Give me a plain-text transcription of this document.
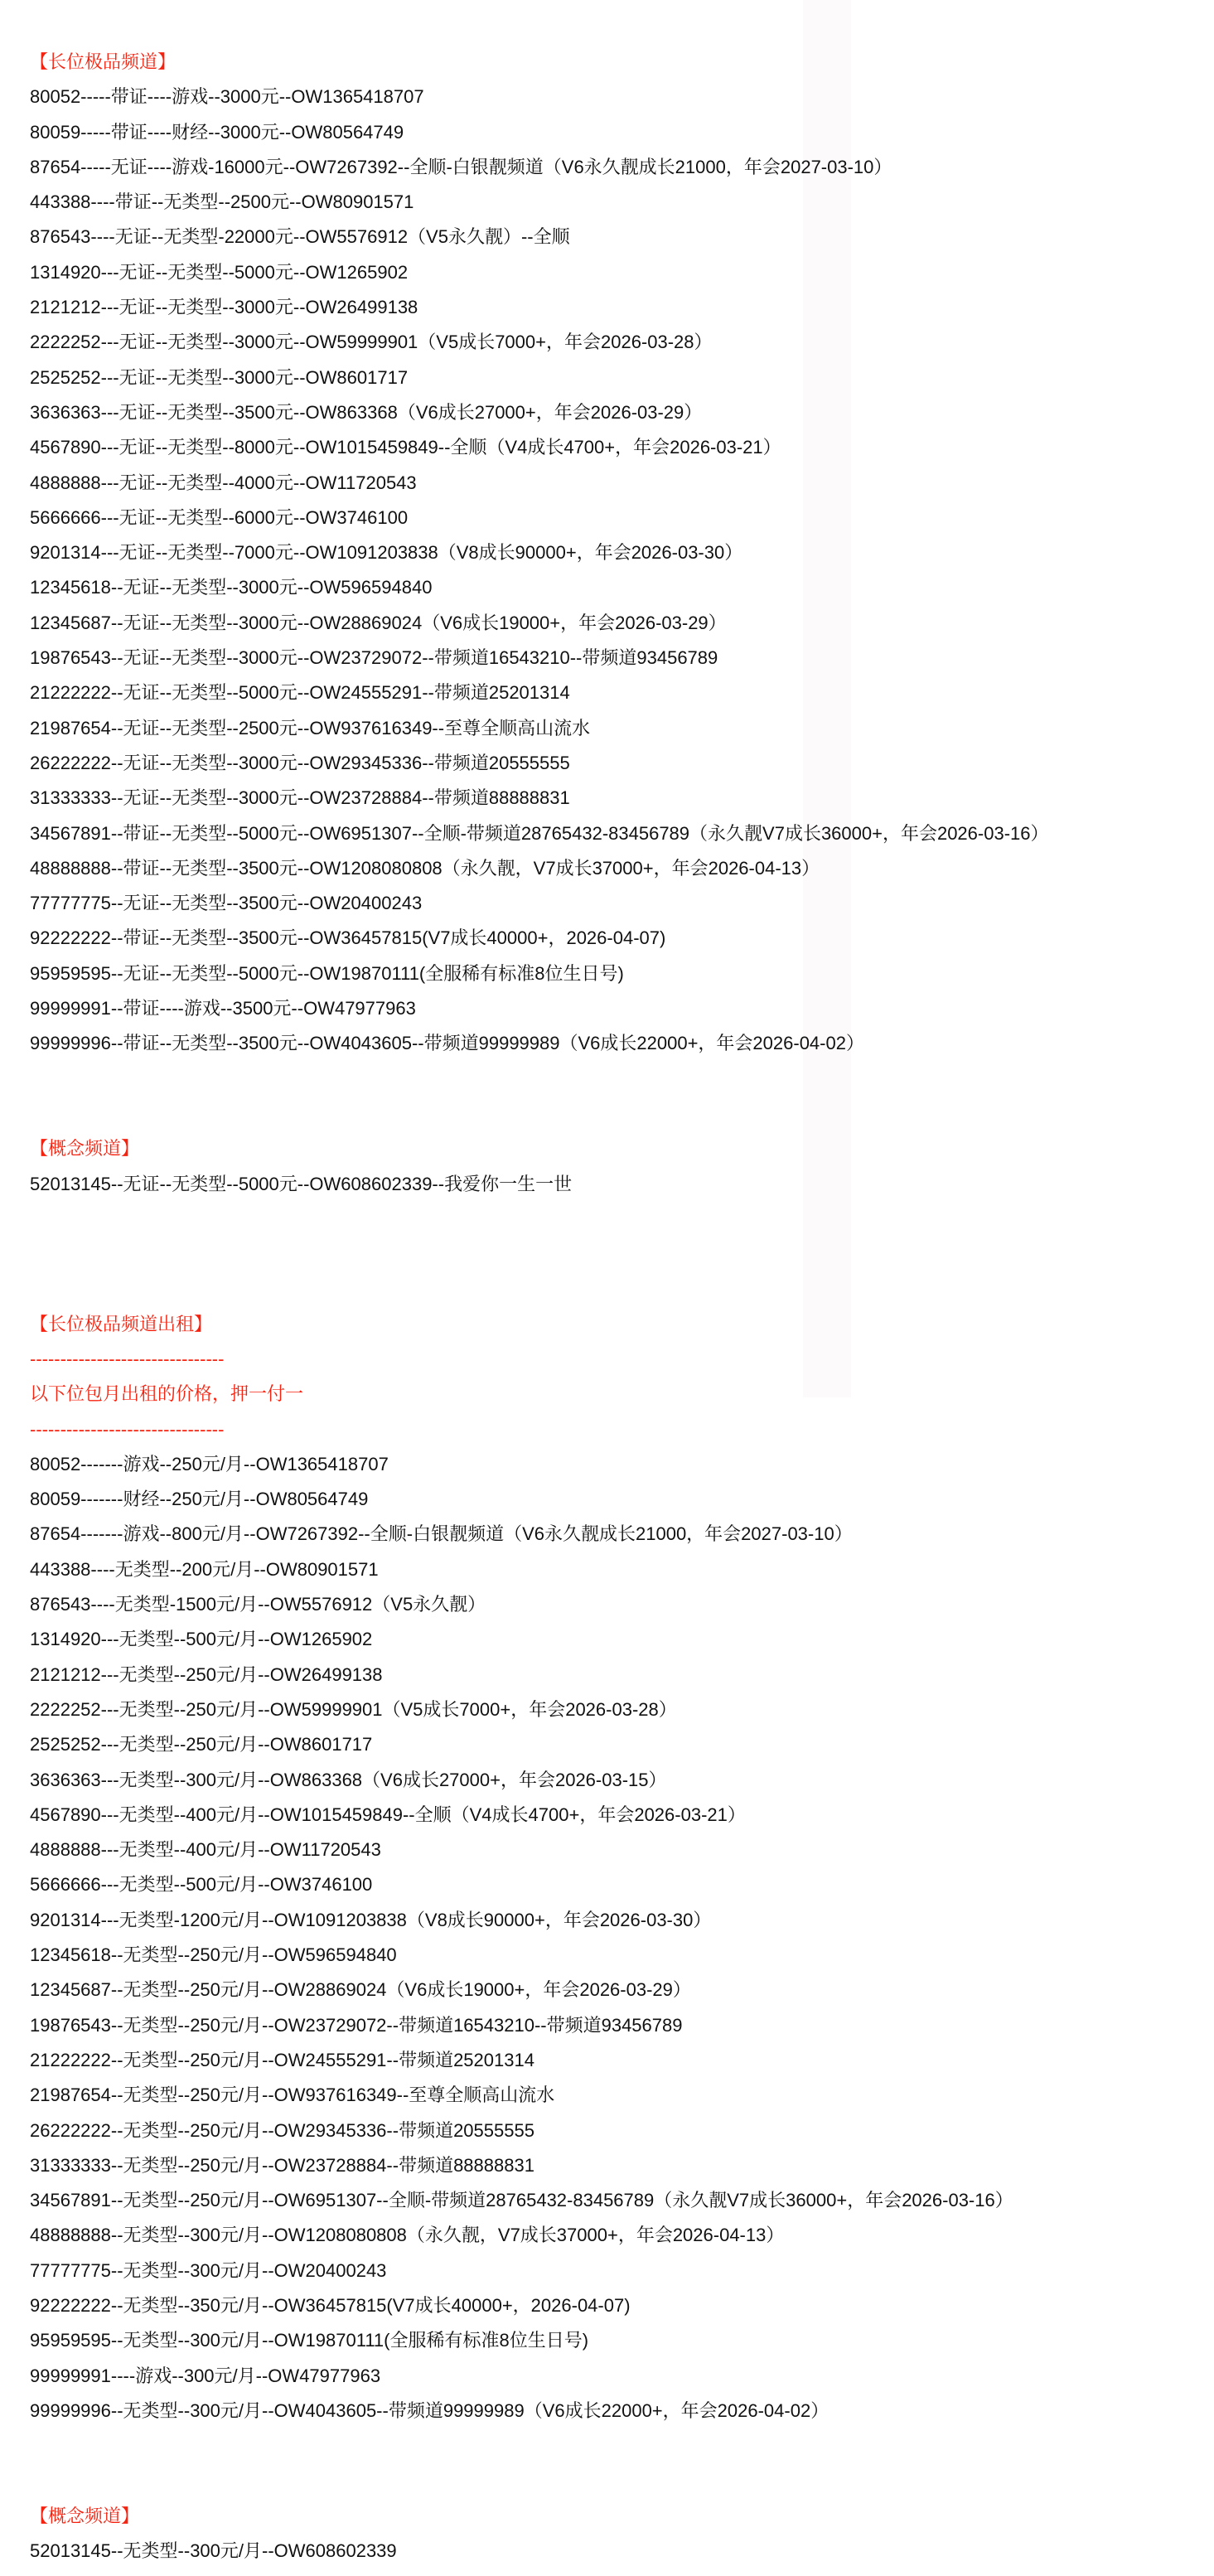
【长位极品频道】
80052-----带证----游戏--3000元--OW1365418707
80059-----带证----财经--3000元--OW80564749
87654-----无证----游戏-16000元--OW7267392--全顺-白银靓频道（V6永久靓成长21000，年会2027-03-10）
443388----带证--无类型--2500元--OW80901571
876543----无证--无类型-22000元--OW5576912（V5永久靓）--全顺
1314920---无证--无类型--5000元--OW1265902
2121212---无证--无类型--3000元--OW26499138
2222252---无证--无类型--3000元--OW59999901（V5成长7000+，年会2026-03-28）
2525252---无证--无类型--3000元--OW8601717
3636363---无证--无类型--3500元--OW863368（V6成长27000+，年会2026-03-29）
4567890---无证--无类型--8000元--OW1015459849--全顺（V4成长4700+，年会2026-03-21）
4888888---无证--无类型--4000元--OW11720543
5666666---无证--无类型--6000元--OW3746100
9201314---无证--无类型--7000元--OW1091203838（V8成长90000+，年会2026-03-30）
12345618--无证--无类型--3000元--OW596594840
12345687--无证--无类型--3000元--OW28869024（V6成长19000+，年会2026-03-29）
19876543--无证--无类型--3000元--OW23729072--带频道16543210--带频道93456789
21222222--无证--无类型--5000元--OW24555291--带频道25201314
21987654--无证--无类型--2500元--OW937616349--至尊全顺高山流水
26222222--无证--无类型--3000元--OW29345336--带频道20555555
31333333--无证--无类型--3000元--OW23728884--带频道88888831
34567891--带证--无类型--5000元--OW6951307--全顺-带频道28765432-83456789（永久靓V7成长36000+，年会2026-03-16）
48888888--带证--无类型--3500元--OW1208080808（永久靓，V7成长37000+，年会2026-04-13）
77777775--无证--无类型--3500元--OW20400243
92222222--带证--无类型--3500元--OW36457815(V7成长40000+，2026-04-07)
95959595--无证--无类型--5000元--OW19870111(全服稀有标准8位生日号)
99999991--带证----游戏--3500元--OW47977963
99999996--带证--无类型--3500元--OW4043605--带频道99999989（V6成长22000+，年会2026-04-02）
【概念频道】
52013145--无证--无类型--5000元--OW608602339--我爱你一生一世
【长位极品频道出租】
--------------------------------
以下位包月出租的价格，押一付一
--------------------------------
80052-------游戏--250元/月--OW1365418707
80059-------财经--250元/月--OW80564749
87654-------游戏--800元/月--OW7267392--全顺-白银靓频道（V6永久靓成长21000，年会2027-03-10）
443388----无类型--200元/月--OW80901571
876543----无类型-1500元/月--OW5576912（V5永久靓）
1314920---无类型--500元/月--OW1265902
2121212---无类型--250元/月--OW26499138
2222252---无类型--250元/月--OW59999901（V5成长7000+，年会2026-03-28）
2525252---无类型--250元/月--OW8601717
3636363---无类型--300元/月--OW863368（V6成长27000+，年会2026-03-15）
4567890---无类型--400元/月--OW1015459849--全顺（V4成长4700+，年会2026-03-21）
4888888---无类型--400元/月--OW11720543
5666666---无类型--500元/月--OW3746100
9201314---无类型-1200元/月--OW1091203838（V8成长90000+，年会2026-03-30）
12345618--无类型--250元/月--OW596594840
12345687--无类型--250元/月--OW28869024（V6成长19000+，年会2026-03-29）
19876543--无类型--250元/月--OW23729072--带频道16543210--带频道93456789
21222222--无类型--250元/月--OW24555291--带频道25201314
21987654--无类型--250元/月--OW937616349--至尊全顺高山流水
26222222--无类型--250元/月--OW29345336--带频道20555555
31333333--无类型--250元/月--OW23728884--带频道88888831
34567891--无类型--250元/月--OW6951307--全顺-带频道28765432-83456789（永久靓V7成长36000+，年会2026-03-16）
48888888--无类型--300元/月--OW1208080808（永久靓，V7成长37000+，年会2026-04-13）
77777775--无类型--300元/月--OW20400243
92222222--无类型--350元/月--OW36457815(V7成长40000+，2026-04-07)
95959595--无类型--300元/月--OW19870111(全服稀有标准8位生日号)
99999991----游戏--300元/月--OW47977963
99999996--无类型--300元/月--OW4043605--带频道99999989（V6成长22000+，年会2026-04-02）
【概念频道】
52013145--无类型--300元/月--OW608602339
